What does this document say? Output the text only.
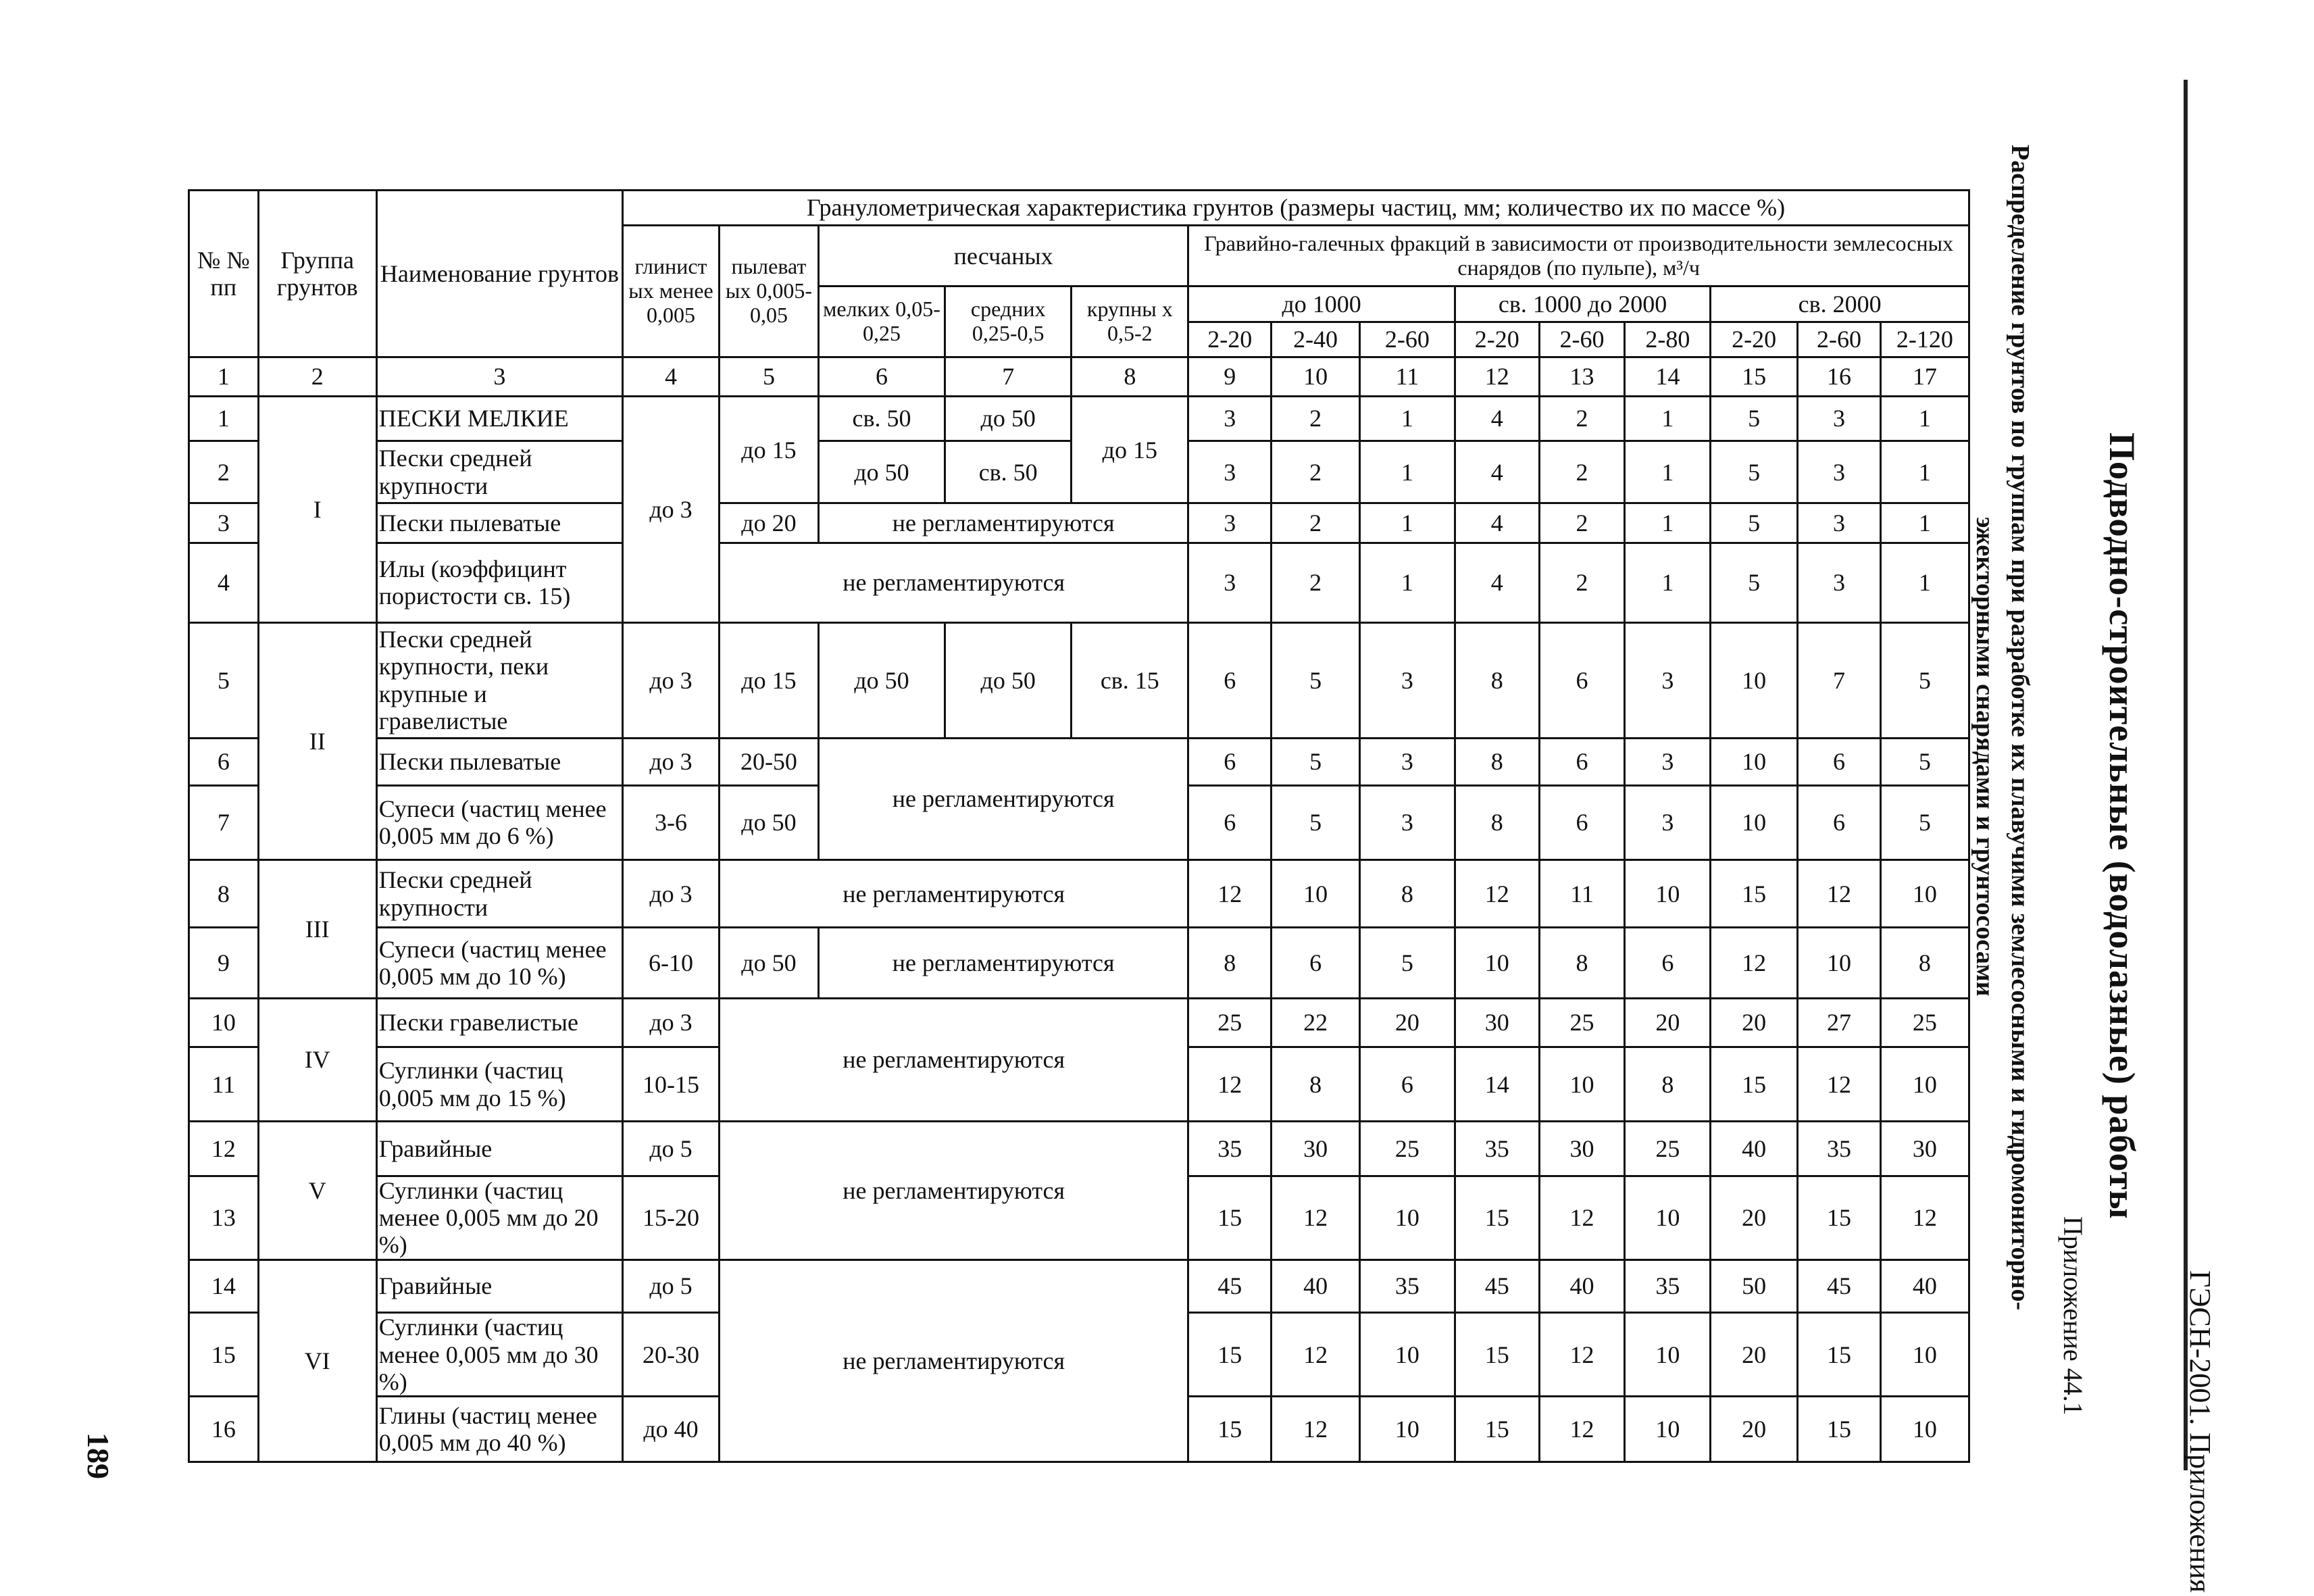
ГЭСН-2001. Приложения
Приложение 44.1
Подводно-строительные (водолазные) работы
Распределение грунтов по группам при разработке их плавучими землесосными и гидромониторно-
эжекторными снарядами и грунтососами
189
№ № пп	Группа грунтов	Наименование грунтов	Гранулометрическая характеристика грунтов (размеры частиц, мм; количество их по массе %)													
			глинист ых менее 0,005	пылеват ых 0,005-0,05	песчаных			Гравийно-галечных фракций в зависимости от производительности землесосных снарядов (по пульпе), м³/ч								
					мелких 0,05-0,25	средних 0,25-0,5	крупны х 0,5-2	до 1000			св. 1000 до 2000			св. 2000		
								2-20	2-40	2-60	2-20	2-60	2-80	2-20	2-60	2-120
1	2	3	4	5	6	7	8	9	10	11	12	13	14	15	16	17
1	I	ПЕСКИ МЕЛКИЕ	до 3	до 15	св. 50	до 50	до 15	3	2	1	4	2	1	5	3	1
2		Пески средней крупности			до 50	св. 50		3	2	1	4	2	1	5	3	1
3		Пески пылеватые		до 20	не регламентируются			3	2	1	4	2	1	5	3	1
4		Илы (коэффицинт пористости св. 15)		не регламентируются				3	2	1	4	2	1	5	3	1
5	II	Пески средней крупности, пеки крупные и гравелистые	до 3	до 15	до 50	до 50	св. 15	6	5	3	8	6	3	10	7	5
6		Пески пылеватые	до 3	20-50	не регламентируются			6	5	3	8	6	3	10	6	5
7		Супеси (частиц менее 0,005 мм до 6 %)	3-6	до 50				6	5	3	8	6	3	10	6	5
8	III	Пески средней крупности	до 3	не регламентируются				12	10	8	12	11	10	15	12	10
9		Супеси (частиц менее 0,005 мм до 10 %)	6-10	до 50	не регламентируются			8	6	5	10	8	6	12	10	8
10	IV	Пески гравелистые	до 3	не регламентируются				25	22	20	30	25	20	20	27	25
11		Суглинки (частиц 0,005 мм до 15 %)	10-15					12	8	6	14	10	8	15	12	10
12	V	Гравийные	до 5	не регламентируются				35	30	25	35	30	25	40	35	30
13		Суглинки (частиц менее 0,005 мм до 20 %)	15-20					15	12	10	15	12	10	20	15	12
14	VI	Гравийные	до 5	не регламентируются				45	40	35	45	40	35	50	45	40
15		Суглинки (частиц менее 0,005 мм до 30 %)	20-30					15	12	10	15	12	10	20	15	10
16		Глины (частиц менее 0,005 мм до 40 %)	до 40					15	12	10	15	12	10	20	15	10
